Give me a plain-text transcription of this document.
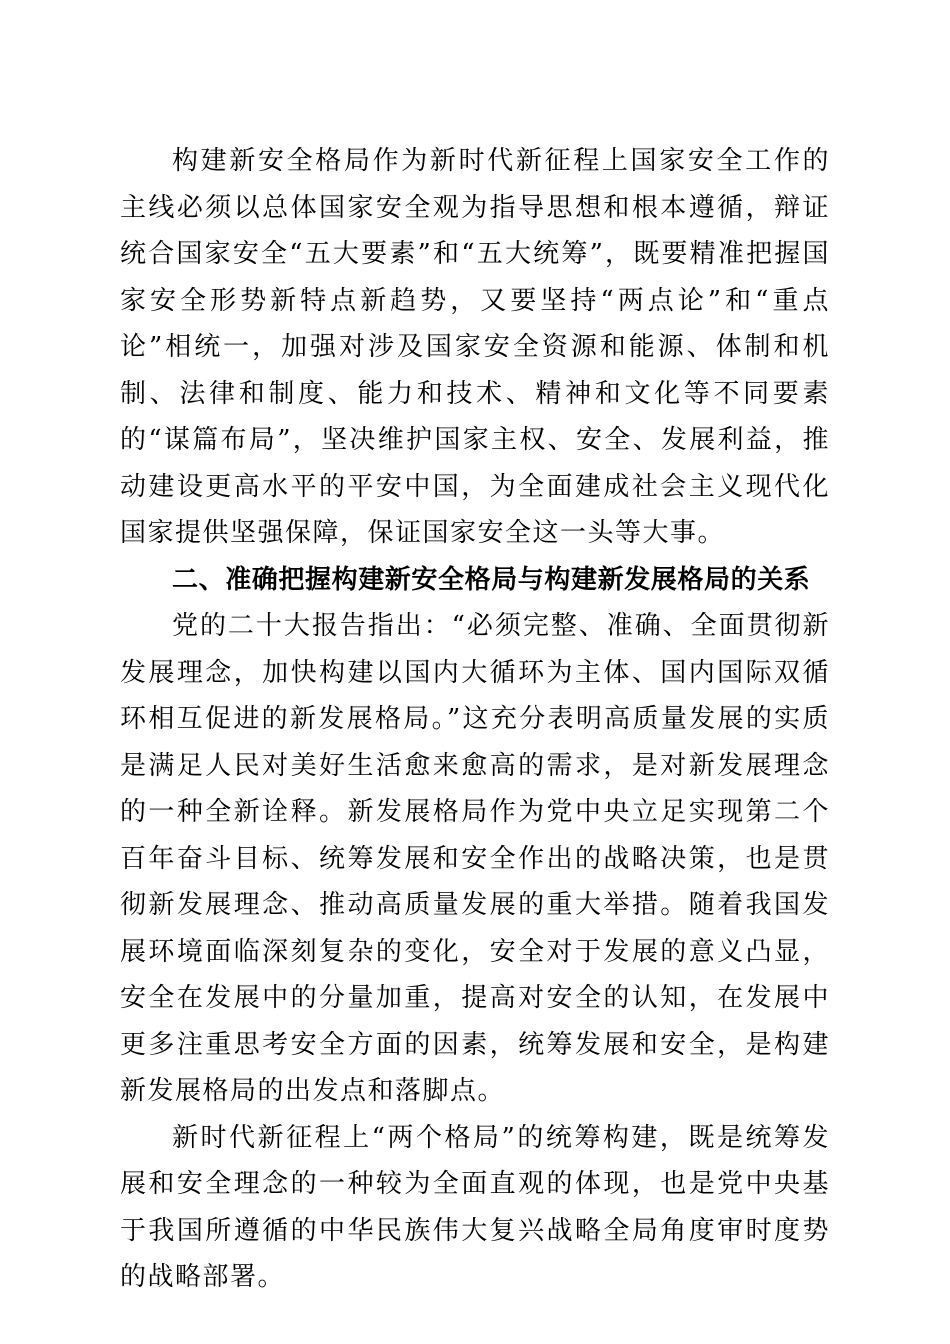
构建新安全格局作为新时代新征程上国家安全工作的主线必须以总体国家安全观为指导思想和根本遵循，辩证统合国家安全“五大要素”和“五大统筹”，既要精准把握国家安全形势新特点新趋势，又要坚持“两点论”和“重点论”相统一，加强对涉及国家安全资源和能源、体制和机制、法律和制度、能力和技术、精神和文化等不同要素的“谋篇布局”，坚决维护国家主权、安全、发展利益，推动建设更高水平的平安中国，为全面建成社会主义现代化国家提供坚强保障，保证国家安全这一头等大事。

二、准确把握构建新安全格局与构建新发展格局的关系

党的二十大报告指出：“必须完整、准确、全面贯彻新发展理念，加快构建以国内大循环为主体、国内国际双循环相互促进的新发展格局。”这充分表明高质量发展的实质是满足人民对美好生活愈来愈高的需求，是对新发展理念的一种全新诠释。新发展格局作为党中央立足实现第二个百年奋斗目标、统筹发展和安全作出的战略决策，也是贯彻新发展理念、推动高质量发展的重大举措。随着我国发展环境面临深刻复杂的变化，安全对于发展的意义凸显，安全在发展中的分量加重，提高对安全的认知，在发展中更多注重思考安全方面的因素，统筹发展和安全，是构建新发展格局的出发点和落脚点。

新时代新征程上“两个格局”的统筹构建，既是统筹发展和安全理念的一种较为全面直观的体现，也是党中央基于我国所遵循的中华民族伟大复兴战略全局角度审时度势的战略部署。
